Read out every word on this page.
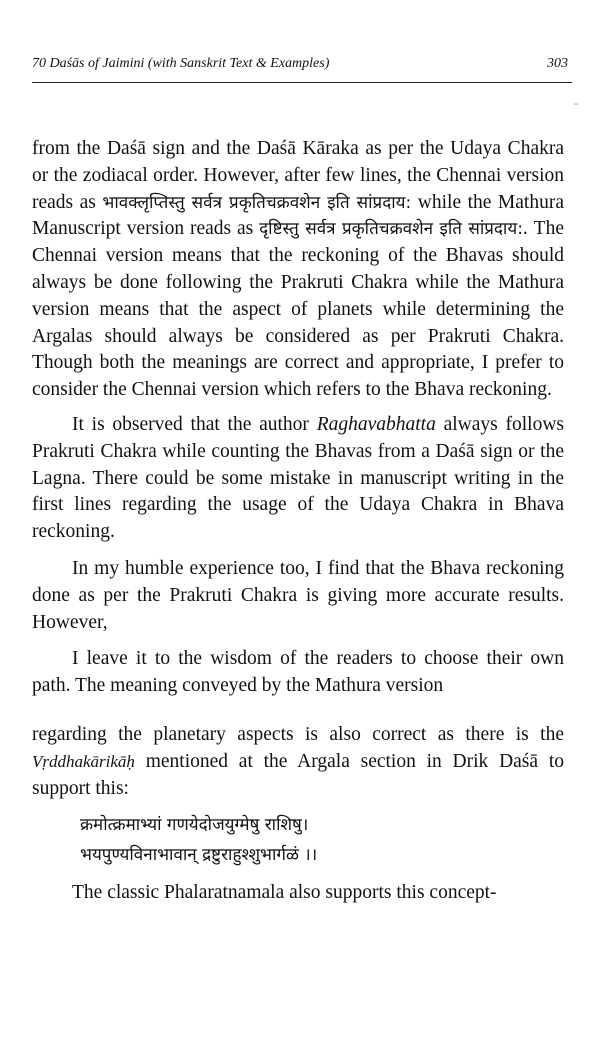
70 Daśās of Jaimini (with Sanskrit Text & Examples)	303
-

from the Daśā sign and the Daśā Kāraka as per the Udaya Chakra or the zodiacal order. However, after few lines, the Chennai version reads as भावक्लृप्तिस्तु सर्वत्र प्रकृतिचक्रवशेन इति सांप्रदाय: while the Mathura Manuscript version reads as दृष्टिस्तु सर्वत्र प्रकृतिचक्रवशेन इति सांप्रदाय:. The Chennai version means that the reckoning of the Bhavas should always be done following the Prakruti Chakra while the Mathura version means that the aspect of planets while determining the Argalas should always be considered as per Prakruti Chakra. Though both the meanings are correct and appropriate, I prefer to consider the Chennai version which refers to the Bhava reckoning.

It is observed that the author Raghavabhatta always follows Prakruti Chakra while counting the Bhavas from a Daśā sign or the Lagna. There could be some mistake in manuscript writing in the first lines regarding the usage of the Udaya Chakra in Bhava reckoning.

In my humble experience too, I find that the Bhava reckoning done as per the Prakruti Chakra is giving more accurate results. However,

I leave it to the wisdom of the readers to choose their own path. The meaning conveyed by the Mathura version

regarding the planetary aspects is also correct as there is the Vṛddhakārikāḥ mentioned at the Argala section in Drik Daśā to support this:

क्रमोत्क्रमाभ्यां गणयेदोजयुग्मेषु राशिषु।
भयपुण्यविनाभावान् द्रष्टुराहुश्शुभार्गळं ।।

The classic Phalaratnamala also supports this concept-
